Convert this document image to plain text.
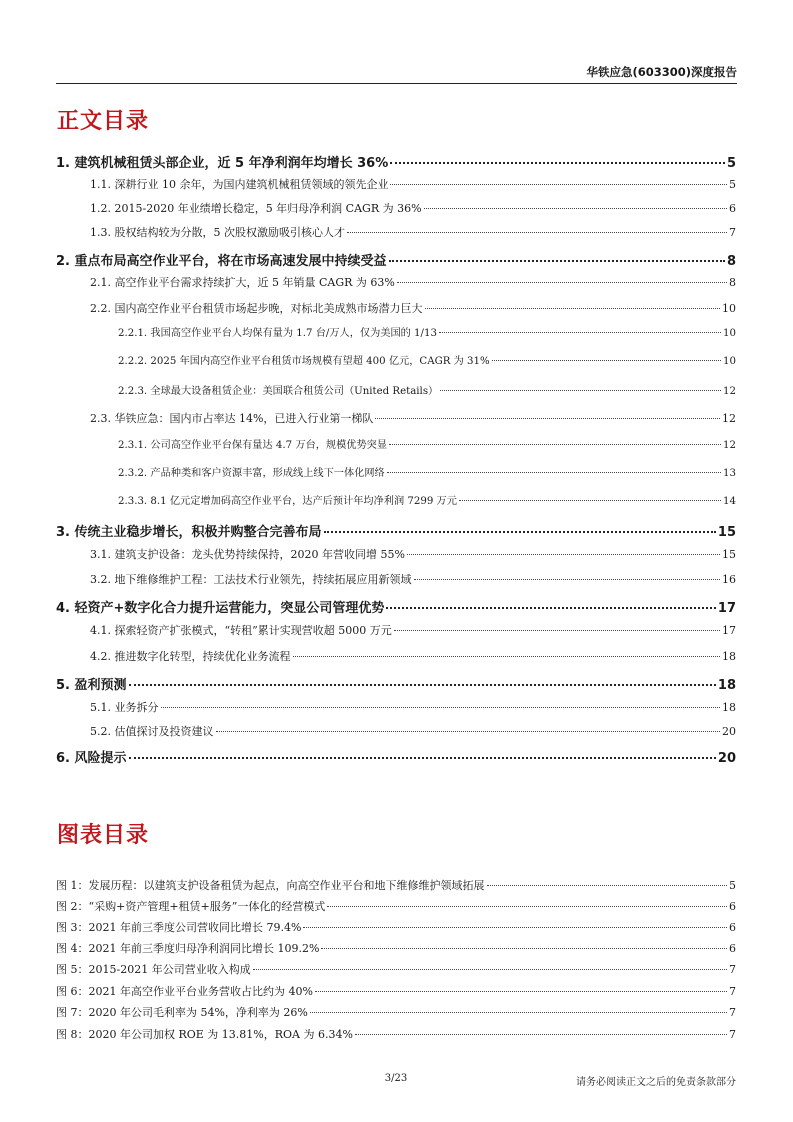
华铁应急(603300)深度报告
正文目录
1. 建筑机械租赁头部企业，近 5 年净利润年均增长 36%	5
1.1. 深耕行业 10 余年，为国内建筑机械租赁领域的领先企业	5
1.2. 2015-2020 年业绩增长稳定，5 年归母净利润 CAGR 为 36%	6
1.3. 股权结构较为分散，5 次股权激励吸引核心人才	7
2. 重点布局高空作业平台，将在市场高速发展中持续受益	8
2.1. 高空作业平台需求持续扩大，近 5 年销量 CAGR 为 63%	8
2.2. 国内高空作业平台租赁市场起步晚，对标北美成熟市场潜力巨大	10
2.2.1. 我国高空作业平台人均保有量为 1.7 台/万人，仅为美国的 1/13	10
2.2.2. 2025 年国内高空作业平台租赁市场规模有望超 400 亿元，CAGR 为 31%	10
2.2.3. 全球最大设备租赁企业：美国联合租赁公司（United Retails）	12
2.3. 华铁应急：国内市占率达 14%，已进入行业第一梯队	12
2.3.1. 公司高空作业平台保有量达 4.7 万台，规模优势突显	12
2.3.2. 产品种类和客户资源丰富，形成线上线下一体化网络	13
2.3.3. 8.1 亿元定增加码高空作业平台，达产后预计年均净利润 7299 万元	14
3. 传统主业稳步增长，积极并购整合完善布局	15
3.1. 建筑支护设备：龙头优势持续保持，2020 年营收同增 55%	15
3.2. 地下维修维护工程：工法技术行业领先，持续拓展应用新领域	16
4. 轻资产+数字化合力提升运营能力，突显公司管理优势	17
4.1. 探索轻资产扩张模式，“转租”累计实现营收超 5000 万元	17
4.2. 推进数字化转型，持续优化业务流程	18
5. 盈利预测	18
5.1. 业务拆分	18
5.2. 估值探讨及投资建议	20
6. 风险提示	20
图表目录
图 1：发展历程：以建筑支护设备租赁为起点，向高空作业平台和地下维修维护领域拓展	5
图 2：“采购+资产管理+租赁+服务”一体化的经营模式	6
图 3：2021 年前三季度公司营收同比增长 79.4%	6
图 4：2021 年前三季度归母净利润同比增长 109.2%	6
图 5：2015-2021 年公司营业收入构成	7
图 6：2021 年高空作业平台业务营收占比约为 40%	7
图 7：2020 年公司毛利率为 54%，净利率为 26%	7
图 8：2020 年公司加权 ROE 为 13.81%，ROA 为 6.34%	7
3/23	请务必阅读正文之后的免责条款部分
